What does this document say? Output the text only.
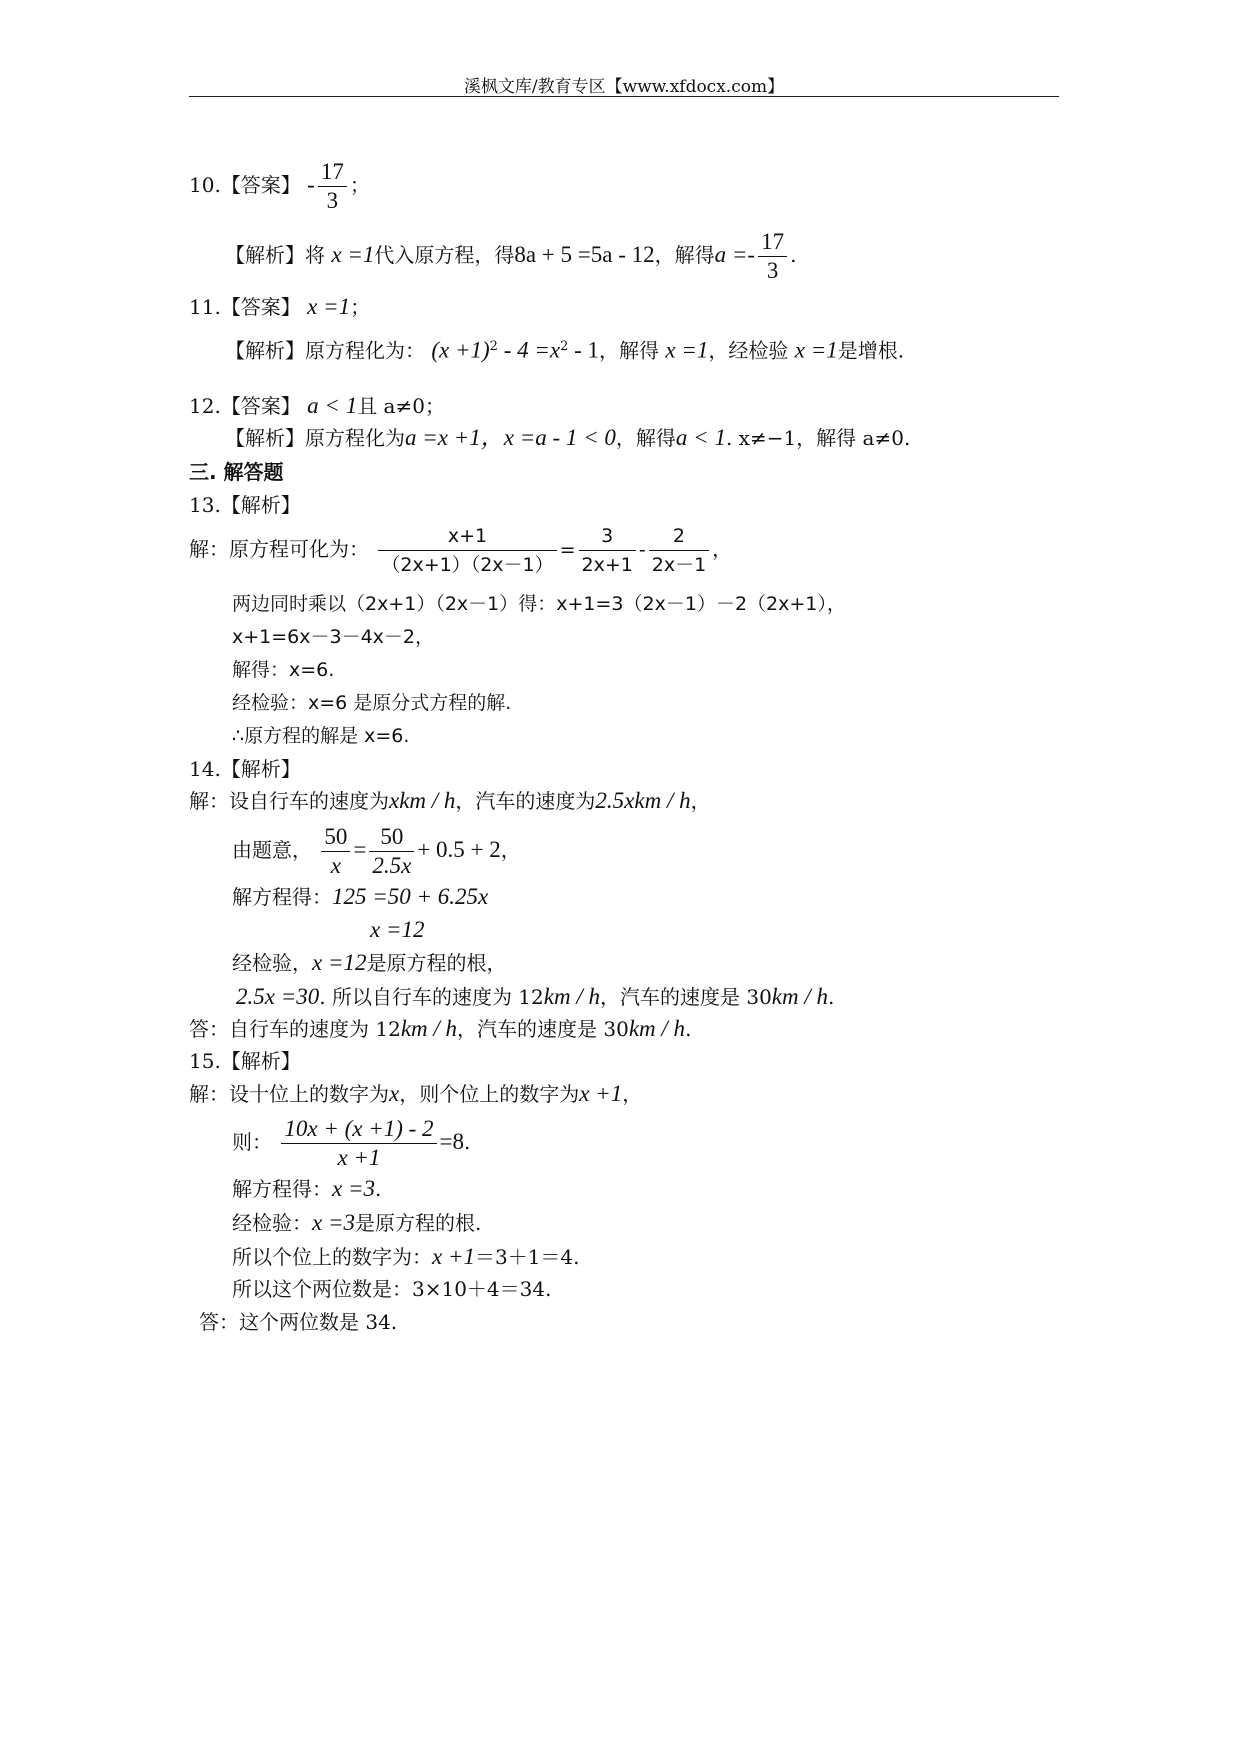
溪枫文库/教育专区【www.xfdocx.com】
10.【答案】 - $\frac{17}{3}$ ；
【解析】将 x =1代入原方程，得8a + 5 =5a - 12，解得$a =- \frac{17}{3}$ .
11.【答案】 x =1；
【解析】原方程化为： $(x +1)^2 - 4 =x^2 - 1$，解得 x =1，经检验 x =1是增根.
12.【答案】 a < 1且 a≠0；
【解析】原方程化为a =x +1，x =a - 1 < 0，解得a < 1. x≠−1，解得 a≠0.
三. 解答题
13.【解析】
解：原方程可化为： $\frac{x+1}{(2x+1)(2x-1)} = \frac{3}{2x+1} - \frac{2}{2x-1}$ ，
两边同时乘以（2x+1）（2x－1）得：x+1=3（2x－1）－2（2x+1），
x+1=6x－3－4x－2，
解得：x=6.
经检验：x=6 是原分式方程的解.
∴原方程的解是 x=6.
14.【解析】
解：设自行车的速度为xkm / h，汽车的速度为2.5xkm / h，
由题意， $\frac{50}{x} = \frac{50}{2.5x} + 0.5 + 2$，
解方程得：125 =50 + 6.25x
x =12
经检验，x =12是原方程的根，
2.5x =30. 所以自行车的速度为 12km / h，汽车的速度是 30km / h.
答：自行车的速度为 12km / h，汽车的速度是 30km / h.
15.【解析】
解：设十位上的数字为x，则个位上的数字为x +1，
则： $\frac{10x + (x +1) - 2}{x +1} =8$.
解方程得：x =3.
经检验：x =3是原方程的根.
所以个位上的数字为：x +1＝3＋1＝4.
所以这个两位数是：3×10＋4＝34.
答：这个两位数是 34.
